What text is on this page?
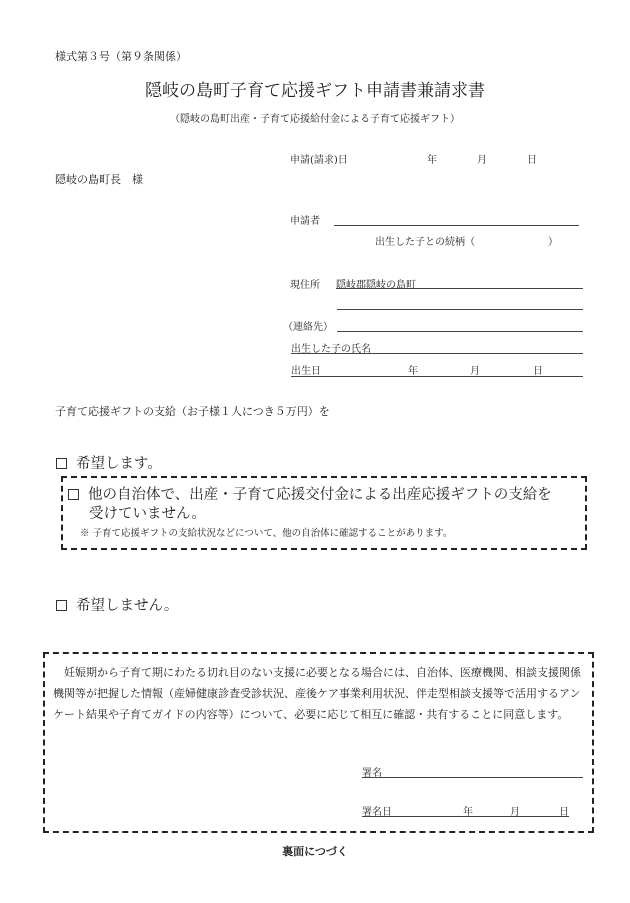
様式第３号（第９条関係）
隠岐の島町子育て応援ギフト申請書兼請求書
（隠岐の島町出産・子育て応援給付金による子育て応援ギフト）
申請(請求)日	年	月	日
隠岐の島町長　様
申請者
出生した子との続柄（	）
現住所 隠岐郡隠岐の島町
（連絡先）
出生した子の氏名
出生日	年	月	日
子育て応援ギフトの支給（お子様１人につき５万円）を
希望します。
他の自治体で、出産・子育て応援交付金による出産応援ギフトの支給を
受けていません。
※ 子育て応援ギフトの支給状況などについて、他の自治体に確認することがあります。
希望しません。
妊娠期から子育て期にわたる切れ目のない支援に必要となる場合には、自治体、医療機関、相談支援関係機関等が把握した情報（産婦健康診査受診状況、産後ケア事業利用状況、伴走型相談支援等で活用するアンケート結果や子育てガイドの内容等）について、必要に応じて相互に確認・共有することに同意します。
署名
署名日	年	月	日
裏面につづく
